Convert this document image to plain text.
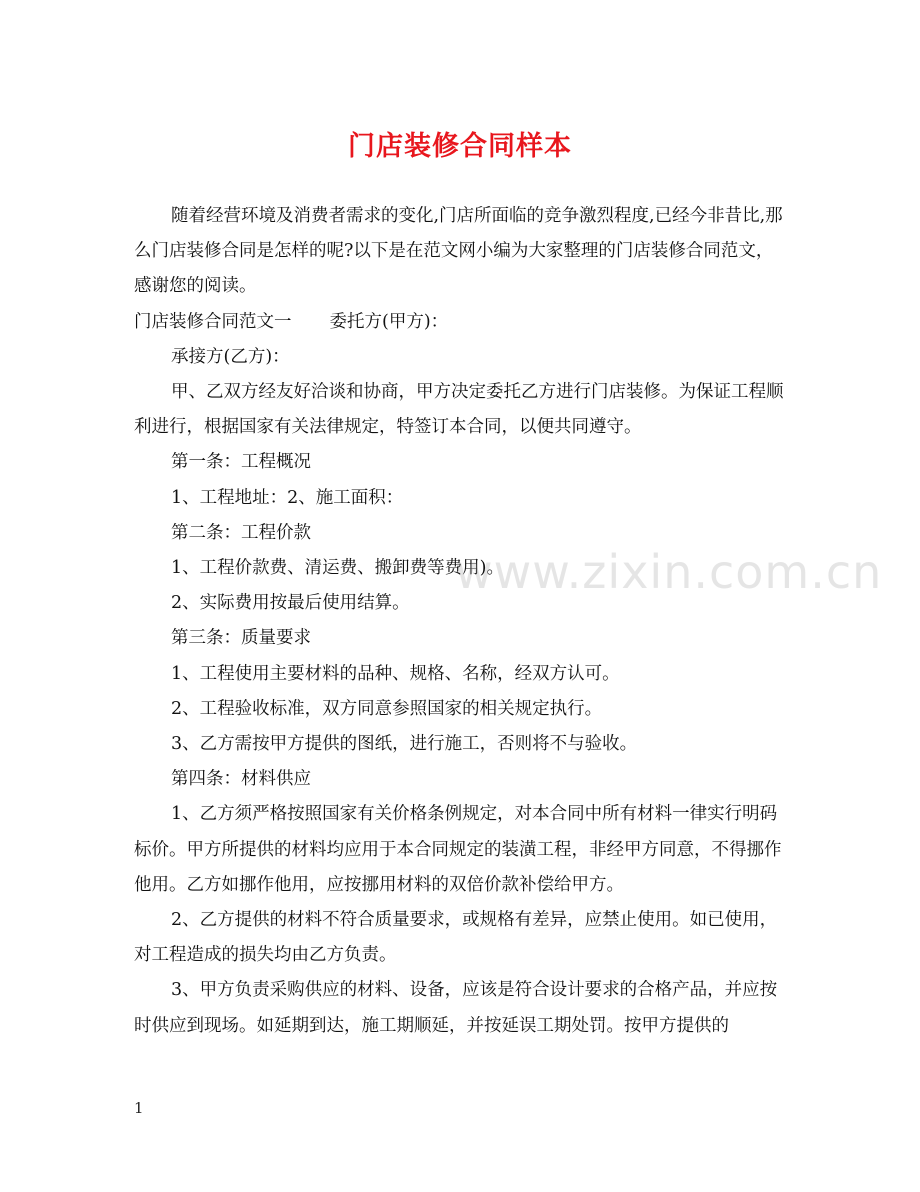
门店装修合同样本

随着经营环境及消费者需求的变化,门店所面临的竞争激烈程度,已经今非昔比,那么门店装修合同是怎样的呢?以下是在范文网小编为大家整理的门店装修合同范文，感谢您的阅读。

门店装修合同范文一 委托方(甲方)：

承接方(乙方)：

甲、乙双方经友好洽谈和协商，甲方决定委托乙方进行门店装修。为保证工程顺利进行，根据国家有关法律规定，特签订本合同，以便共同遵守。

第一条：工程概况

1、工程地址：2、施工面积：

第二条：工程价款

1、工程价款费、清运费、搬卸费等费用)。

2、实际费用按最后使用结算。

第三条：质量要求

1、工程使用主要材料的品种、规格、名称，经双方认可。

2、工程验收标准，双方同意参照国家的相关规定执行。

3、乙方需按甲方提供的图纸，进行施工，否则将不与验收。

第四条：材料供应

1、乙方须严格按照国家有关价格条例规定，对本合同中所有材料一律实行明码标价。甲方所提供的材料均应用于本合同规定的装潢工程，非经甲方同意，不得挪作他用。乙方如挪作他用，应按挪用材料的双倍价款补偿给甲方。

2、乙方提供的材料不符合质量要求，或规格有差异，应禁止使用。如已使用，对工程造成的损失均由乙方负责。

3、甲方负责采购供应的材料、设备，应该是符合设计要求的合格产品，并应按时供应到现场。如延期到达，施工期顺延，并按延误工期处罚。按甲方提供的

www.zixin.com.cn
1
